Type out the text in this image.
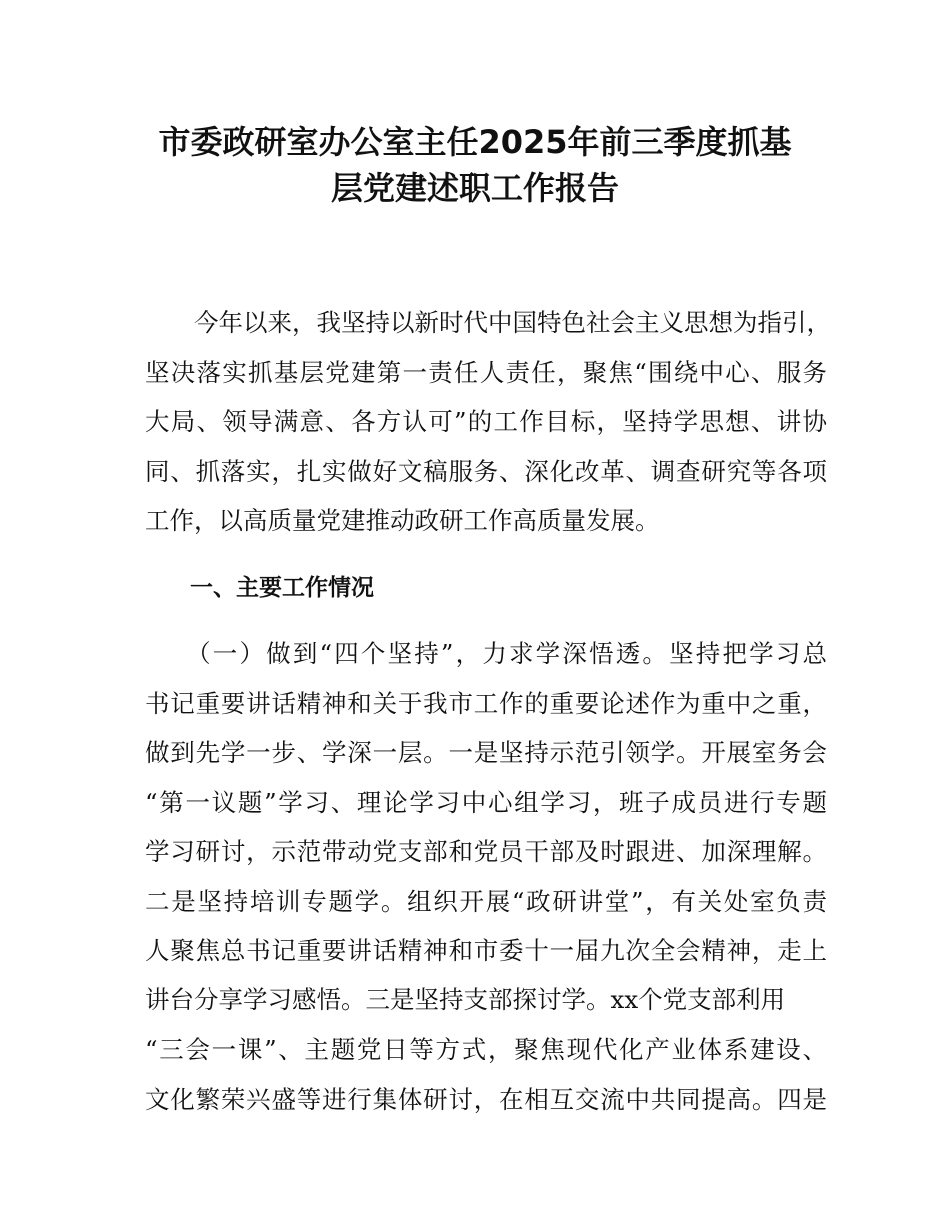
市委政研室办公室主任2025年前三季度抓基
层党建述职工作报告
　　今年以来，我坚持以新时代中国特色社会主义思想为指引，
坚决落实抓基层党建第一责任人责任，聚焦“围绕中心、服务
大局、领导满意、各方认可”的工作目标，坚持学思想、讲协
同、抓落实，扎实做好文稿服务、深化改革、调查研究等各项
工作，以高质量党建推动政研工作高质量发展。
一、主要工作情况
　　（一）做到“四个坚持”，力求学深悟透。坚持把学习总
书记重要讲话精神和关于我市工作的重要论述作为重中之重，
做到先学一步、学深一层。一是坚持示范引领学。开展室务会
“第一议题”学习、理论学习中心组学习，班子成员进行专题
学习研讨，示范带动党支部和党员干部及时跟进、加深理解。
二是坚持培训专题学。组织开展“政研讲堂”，有关处室负责
人聚焦总书记重要讲话精神和市委十一届九次全会精神，走上
讲台分享学习感悟。三是坚持支部探讨学。xx个党支部利用
“三会一课”、主题党日等方式，聚焦现代化产业体系建设、
文化繁荣兴盛等进行集体研讨，在相互交流中共同提高。四是
